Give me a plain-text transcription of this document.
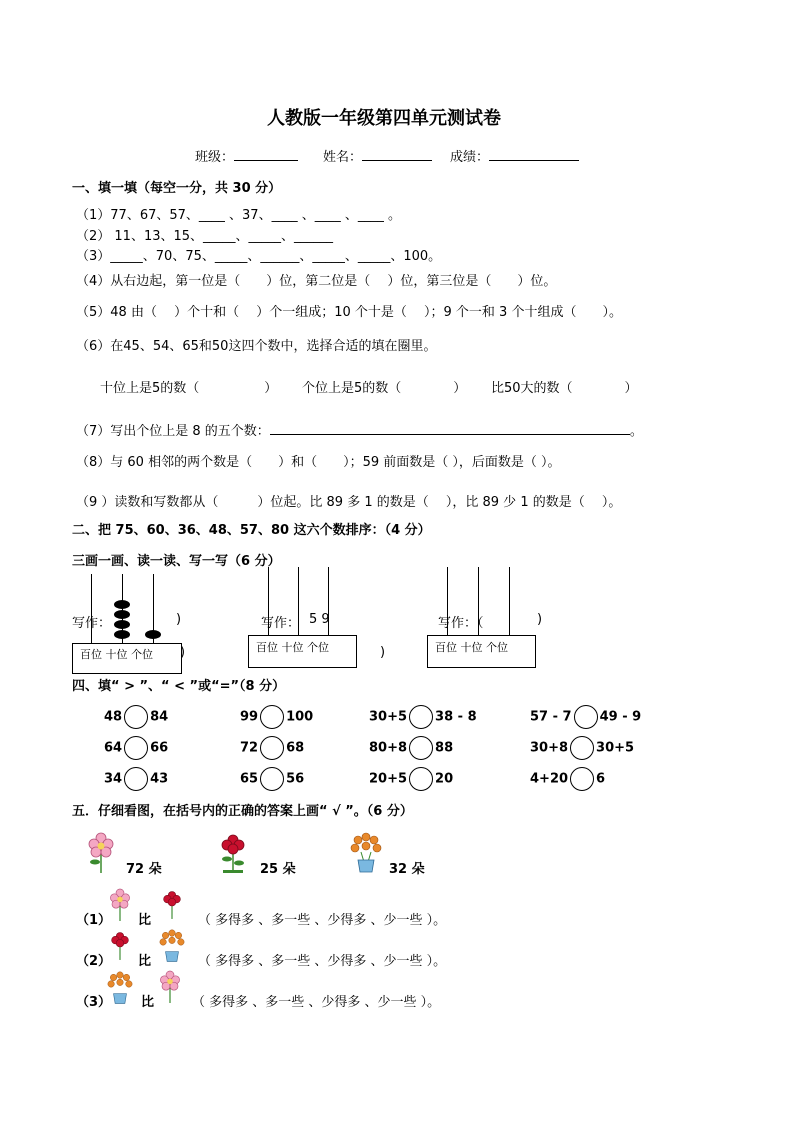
人教版一年级第四单元测试卷
班级：	姓名：	成绩：
一、填一填（每空一分，共 30 分）
（1）77、67、57、____ 、37、____ 、____ 、____ 。
（2） 11、13、15、_____、_____、______
（3）_____、70、75、_____、______、_____、_____、100。
（4）从右边起，第一位是（　　）位，第二位是（　 ）位，第三位是（　　）位。
（5）48 由（　 ）个十和（　 ）个一组成；10 个十是（　 ）；9 个一和 3 个十组成（　　）。
（6）在45、54、65和50这四个数中，选择合适的填在圈里。
十位上是5的数（　　　　　） 个位上是5的数（　　　　） 比50大的数（　　　　）
（7）写出个位上是 8 的五个数：	。
（8）与 60 相邻的两个数是（　　）和（　　）；59 前面数是（ ），后面数是（ ）。
（9 ）读数和写数都从（　　　）位起。比 89 多 1 的数是（　 ），比 89 少 1 的数是（　 ）。
二、把 75、60、36、48、57、80 这六个数排序：（4 分）
三画一画、读一读、写一写（6 分）
百位 十位 个位
写作：	)
)	百位 十位 个位
写作： 5 9
)	百位 十位 个位
写作：（	)
四、填“ > ”、“ < ”或“=”（8 分）
48 84	99 100	30+5 38 - 8	57 - 7 49 - 9
64 66	72 68	80+8 88	30+8 30+5
34 43	65 56	20+5 20	4+20 6
五．仔细看图，在括号内的正确的答案上画“ √ ”。（6 分）
72 朵	25 朵	32 朵
（1） 比	（ 多得多 、多一些 、少得多 、少一些 ）。
（2） 比	（ 多得多 、多一些 、少得多 、少一些 ）。
（3） 比	（ 多得多 、多一些 、少得多 、少一些 ）。
